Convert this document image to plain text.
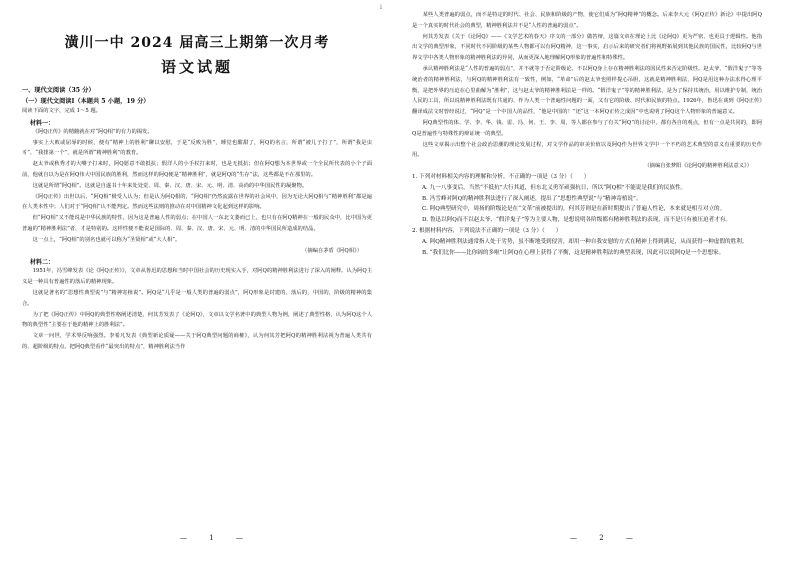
i
潢川一中 2024 届高三上期第一次月考
语文试题
一、现代文阅读（35 分）
（一）现代文阅读Ⅰ（本题共 5 小题，19 分）

阅读下面的文字，完成 1～5 题。

材料一：

《阿Q正传》的精髓就在对“阿Q相”的有力的揭发。

事实上大败或屈辱的时候，便有“精神上的胜利”聊以安慰，于是“反败为胜”，睡觉也酣甜了，阿Q的名言，所谓“被儿子打了”，所谓“我是虫豸”，“我排第一个”，就是所谓“精神胜利”的教育。

赵太爷或秋秀才的大嘴子打来时，阿Q愿意不敢抵抗；假洋人的小手杖打来时，也是无抵抗；但在阿Q想为本世界或一个全民所代表的小个子面前，他就自以为是在阿Q伟大中国民族的胜利，然而这样的阿Q便是“精神胜利”，就是阿Q的“生存”法，这些都是不在那里的。

这就是所谓“阿Q相”。这就是自遂书十年来处处觉、周、秦、汉、唐、宋、元、明、清、高尚的中华国民性的凝聚物。

《阿Q正传》出世以后，“阿Q相”极受人认为；但是认为阿Q相的，“阿Q相”仍然流露在世界的社会风中，因为无论大阿Q相与“精神胜利”都是遍在人类本性中；人们对于“阿Q相”认不能判定。然而这些法则的推动在对中国精神文化起到这样的影响。

但“阿Q相”又不能说是中华民族的特性，因为这是普遍人性的弱点；在中国人一东北文萎而已上，也只有在阿Q精神在一般的民众中，比中国为更普遍的“精神胜利法”者，才是特别的。这样性便不能说是国际的、周、秦、汉、唐、宋、元、明、清的中华国民所造成的结晶。

这一点上，“阿Q相”的别名也就可以称为“圣贤相”或“大人相”。

（摘编自茅盾《阿Q相》）
材料二：

1951年，冯雪峰发表《论《阿Q正传》》，文章从鲁迅的思想和当时中国社会的历史现实入手，对阿Q的精神胜利法进行了深入的阐释。认为阿Q主义是一种具有普遍性的落后的精神现象。

这就是著名的“思想性典型说”与“精神寄植说”。阿Q是“几乎是一般人类的普遍的弱点”，阿Q形象是封建的、落后的，中国的，阶级的精神的集合。

为了把《阿Q正传》中阿Q的典型性格阐述清楚，何其芳发表了《论阿Q》，文章以文学名著中的典型人物为例，阐述了典型性格，认为阿Q这个人物的典型性“主要在于他的精神上的胜利法”。

文章一问世，学术界反响强烈。李希凡发表《典型新论质疑——关于阿Q典型问题的商榷》，认为何其芳把阿Q的精神胜利法视为普遍人类共有的、超阶级的特点，把阿Q典型看作“最突出的特点”，精神胜利法当作

某些人类普遍的弱点，而不是特定的时代、社会、民族和阶级的产物，使它们成为“阿Q精神”的概念。后来李大元《阿Q正传》新论》中提出阿Q是一个真实的时代社会的典型，精神胜利法并不是“人性的普遍的弱点”。

何其芳发表《关于《论阿Q》——《文学艺术的春天》序文的一部分》做答辩，这篇文章在理论上比《论阿Q》更为严密，也更具于逻辑性。他指出文学的典型形象，不同时代不同阶级的某些人物都可以有阿Q精神，这一事实，启示后来的研究者们将视野拓展到其他民族的国民性，比较阿Q与世界文学中各类人物形象的精神胜利法的异同，从而更深入地理解阿Q形象的普遍性和特殊性。

承认精神胜利法是“人性的普遍的弱点”，并不就等于否定阶级论。不以阿Q身上存在精神胜利法的国民性来否定阶级性。赵太爷、“假洋鬼子”等等统治者的精神胜利法，与阿Q的精神胜利法有一致性，例如，“革命”后的赵太爷也照样提心吊胆，这就是精神胜利法，阿Q是用这种办法求得心理平衡，是把外界的压迫在心里曲解为“胜利”，这与赵太爷的精神胜利法是一样的。“假洋鬼子”等的精神胜利法，是为了保持其统治，用以维护专制，统治人民的工具，所以说精神胜利法既有共通的、作为人类一个普遍性问题的一面，又有它的阶级、时代和民族的特点。1926年，鲁迅在谈到《阿Q正传》翻译成法文时曾经说过，“阿Q”是一个中国人的品性，“他是中国的！”还“这一本阿Q正传之成因”中也说明了阿Q这个人物形象的普遍意义。

阿Q典型性的体、学、李、华、钱、雷、冯、何、王、李、周，等人都在参与了有关“阿Q”的讨论中，都有各自的观点，但有一点是共同的，即阿Q是普遍性与特殊性的辩证统一的典型。

这些文章揭示出整个社会政治思潮的理论发展过程，对文学作品的审美价值以及阿Q作为世界文学中一个不朽的艺术典型的意义有重要的历史作用。

（摘编自张梦阳《论阿Q的精神胜利法意义》）
1. 下列对材料相关内容的理解和分析，不正确的一项是（3 分）（　　）
A. 九一八事变后，当然“不抵抗”大行其道，但东北义勇军顽强抗日，所以“阿Q相”不能说是我们的民族性。
B. 冯雪峰对阿Q的精神胜利法进行了深入阐述，提出了“思想性典型说”与“精神寄植说”。
C. 阿Q典型研究中，周扬的阶级论是在“文革”前被提出的，何其芳则是在新时期提出了普遍人性论，本来就是相互对立的。
D. 鲁迅以阿Q而不以赵太爷、“假洋鬼子”等为主要人物，是想说明各阶级都有精神胜利法的表现，而不是只有被压迫者才有。
2. 根据材料内容，下列说法不正确的一项是（3 分）（　　）
A. 阿Q精神胜利法通常指人处于劣势，虽不断地受到侵害，却用一种自我安慰的方式在精神上得到满足，从而获得一种虚假的胜利。
B. “我们比你——比你阔的多啦”让阿Q在心理上获得了平衡，这是精神胜利法的典型表现，因此可以说阿Q是一个思想家。
— 1 —	— 2 —
